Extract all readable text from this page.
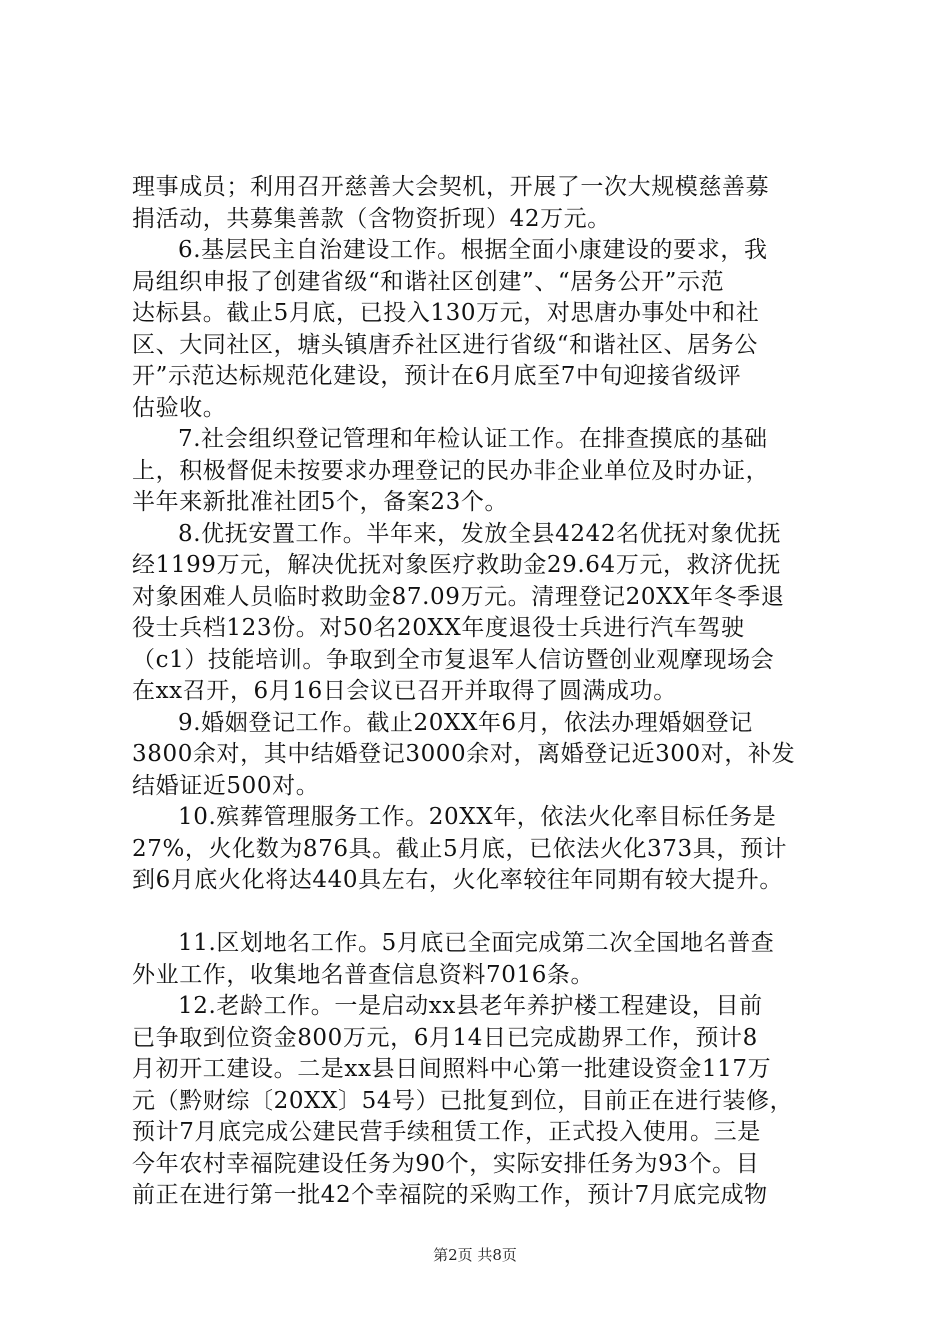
理事成员；利用召开慈善大会契机，开展了一次大规模慈善募
捐活动，共募集善款（含物资折现）42万元。
6.基层民主自治建设工作。根据全面小康建设的要求，我
局组织申报了创建省级“和谐社区创建”、“居务公开”示范
达标县。截止5月底，已投入130万元，对思唐办事处中和社
区、大同社区，塘头镇唐乔社区进行省级“和谐社区、居务公
开”示范达标规范化建设，预计在6月底至7中旬迎接省级评
估验收。
7.社会组织登记管理和年检认证工作。在排查摸底的基础
上，积极督促未按要求办理登记的民办非企业单位及时办证，
半年来新批准社团5个，备案23个。
8.优抚安置工作。半年来，发放全县4242名优抚对象优抚
经1199万元，解决优抚对象医疗救助金29.64万元，救济优抚
对象困难人员临时救助金87.09万元。清理登记20XX年冬季退
役士兵档123份。对50名20XX年度退役士兵进行汽车驾驶
（c1）技能培训。争取到全市复退军人信访暨创业观摩现场会
在xx召开，6月16日会议已召开并取得了圆满成功。
9.婚姻登记工作。截止20XX年6月，依法办理婚姻登记
3800余对，其中结婚登记3000余对，离婚登记近300对，补发
结婚证近500对。
10.殡葬管理服务工作。20XX年，依法火化率目标任务是
27%，火化数为876具。截止5月底，已依法火化373具，预计
到6月底火化将达440具左右，火化率较往年同期有较大提升。
11.区划地名工作。5月底已全面完成第二次全国地名普查
外业工作，收集地名普查信息资料7016条。
12.老龄工作。一是启动xx县老年养护楼工程建设，目前
已争取到位资金800万元，6月14日已完成勘界工作，预计8
月初开工建设。二是xx县日间照料中心第一批建设资金117万
元（黔财综〔20XX〕54号）已批复到位，目前正在进行装修，
预计7月底完成公建民营手续租赁工作，正式投入使用。三是
今年农村幸福院建设任务为90个，实际安排任务为93个。目
前正在进行第一批42个幸福院的采购工作，预计7月底完成物
第2页 共8页
